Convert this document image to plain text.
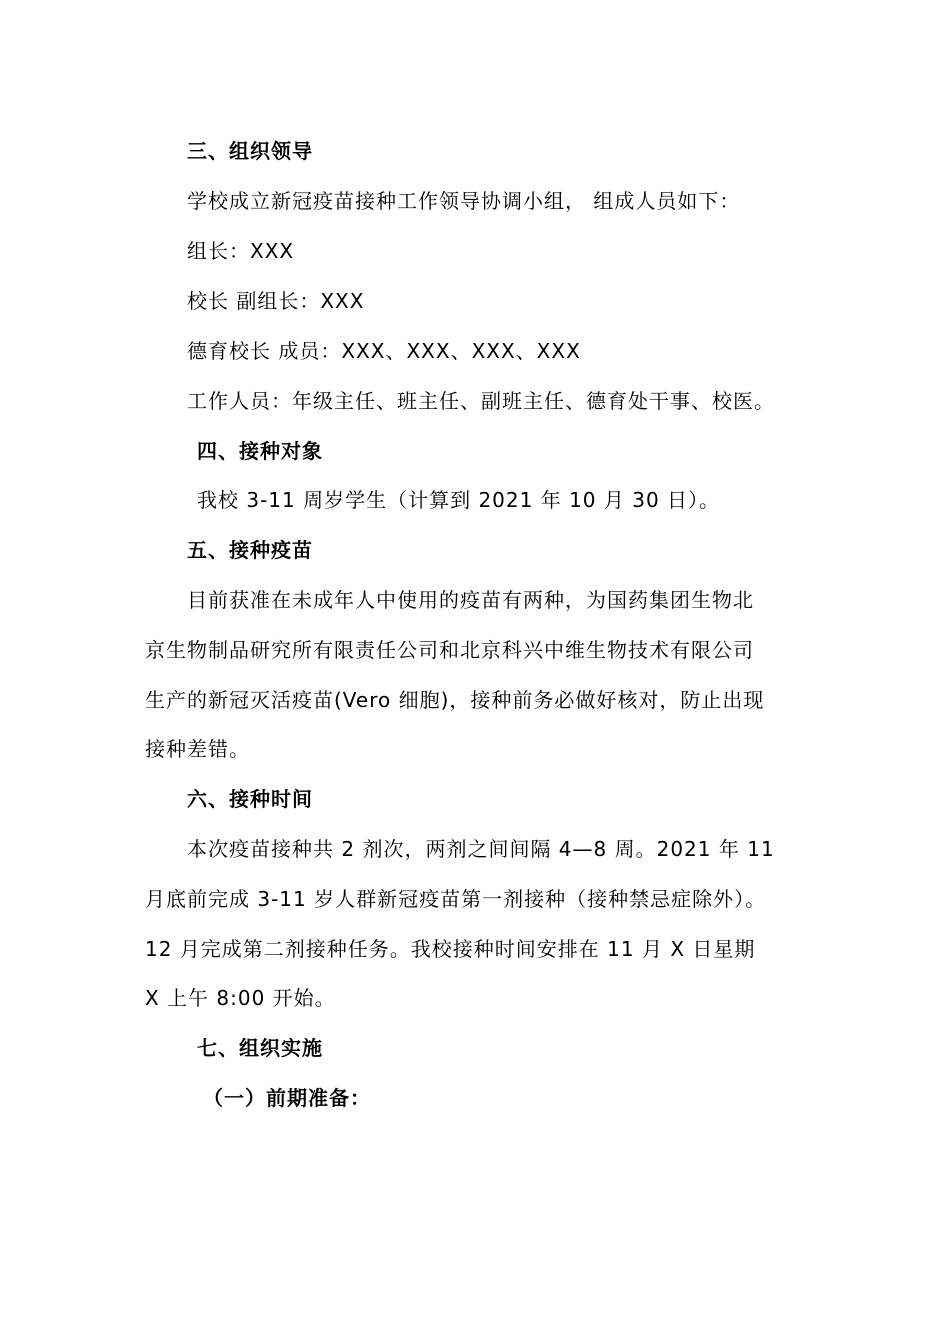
三、组织领导
学校成立新冠疫苗接种工作领导协调小组， 组成人员如下：
组长：XXX
校长 副组长：XXX
德育校长 成员：XXX、XXX、XXX、XXX
工作人员：年级主任、班主任、副班主任、德育处干事、校医。
四、接种对象
我校 3-11 周岁学生（计算到 2021 年 10 月 30 日）。
五、接种疫苗
目前获准在未成年人中使用的疫苗有两种，为国药集团生物北
京生物制品研究所有限责任公司和北京科兴中维生物技术有限公司
生产的新冠灭活疫苗(Vero 细胞)，接种前务必做好核对，防止出现
接种差错。
六、接种时间
本次疫苗接种共 2 剂次，两剂之间间隔 4—8 周。2021 年 11
月底前完成 3-11 岁人群新冠疫苗第一剂接种（接种禁忌症除外）。
12 月完成第二剂接种任务。我校接种时间安排在 11 月 X 日星期
X 上午 8:00 开始。
七、组织实施
（一）前期准备：
